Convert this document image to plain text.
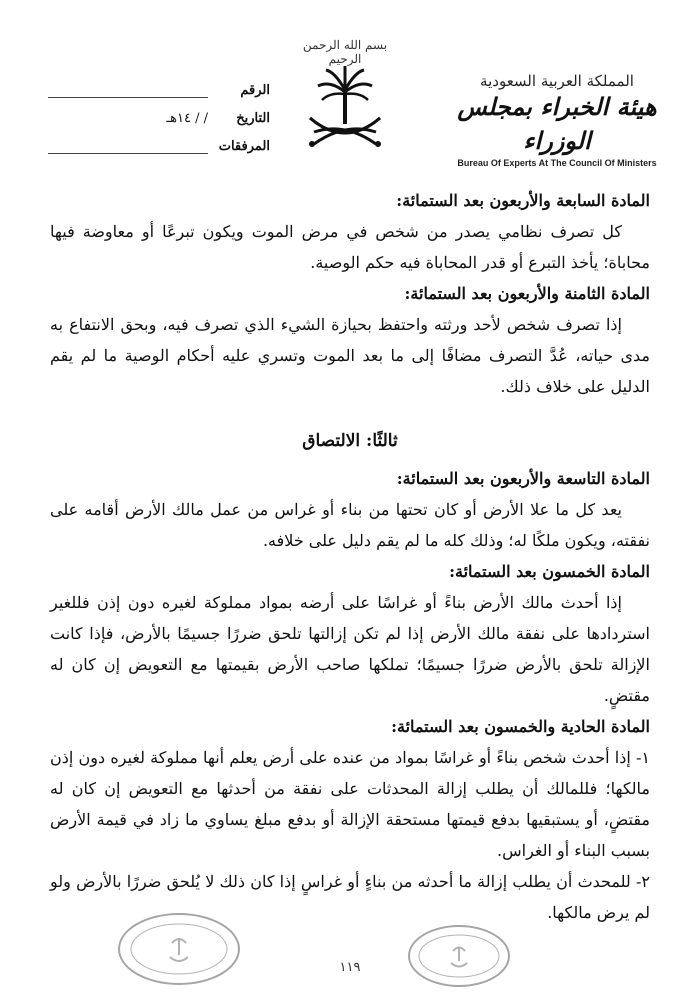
بسم الله الرحمن الرحيم
الرقم
التاريخ
/ / ١٤هـ
المرفقات
المملكة العربية السعودية
هيئة الخبراء بمجلس الوزراء
Bureau Of Experts At The Council Of Ministers

المادة السابعة والأربعون بعد الستمائة:

كل تصرف نظامي يصدر من شخص في مرض الموت ويكون تبرعًا أو معاوضة فيها محاباة؛ يأخذ التبرع أو قدر المحاباة فيه حكم الوصية.

المادة الثامنة والأربعون بعد الستمائة:

إذا تصرف شخص لأحد ورثته واحتفظ بحيازة الشيء الذي تصرف فيه، وبحق الانتفاع به مدى حياته، عُدَّ التصرف مضافًا إلى ما بعد الموت وتسري عليه أحكام الوصية ما لم يقم الدليل على خلاف ذلك.

ثالثًا: الالتصاق

المادة التاسعة والأربعون بعد الستمائة:

يعد كل ما علا الأرض أو كان تحتها من بناء أو غراس من عمل مالك الأرض أقامه على نفقته، ويكون ملكًا له؛ وذلك كله ما لم يقم دليل على خلافه.

المادة الخمسون بعد الستمائة:

إذا أحدث مالك الأرض بناءً أو غراسًا على أرضه بمواد مملوكة لغيره دون إذن فللغير استردادها على نفقة مالك الأرض إذا لم تكن إزالتها تلحق ضررًا جسيمًا بالأرض، فإذا كانت الإزالة تلحق بالأرض ضررًا جسيمًا؛ تملكها صاحب الأرض بقيمتها مع التعويض إن كان له مقتضٍ.

المادة الحادية والخمسون بعد الستمائة:

١- إذا أحدث شخص بناءً أو غراسًا بمواد من عنده على أرض يعلم أنها مملوكة لغيره دون إذن مالكها؛ فللمالك أن يطلب إزالة المحدثات على نفقة من أحدثها مع التعويض إن كان له مقتضٍ، أو يستبقيها بدفع قيمتها مستحقة الإزالة أو بدفع مبلغ يساوي ما زاد في قيمة الأرض بسبب البناء أو الغراس.

٢- للمحدث أن يطلب إزالة ما أحدثه من بناءٍ أو غراسٍ إذا كان ذلك لا يُلحق ضررًا بالأرض ولو لم يرض مالكها.

١١٩
